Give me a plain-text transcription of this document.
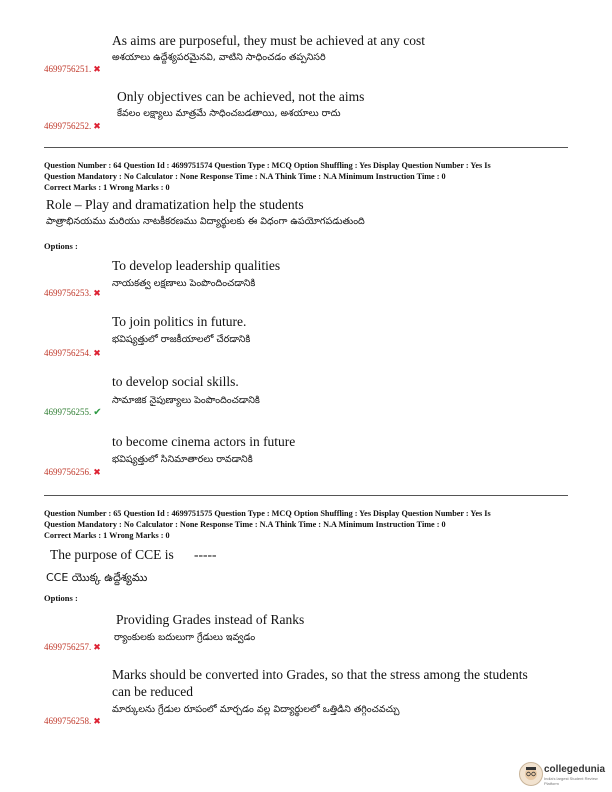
As aims are purposeful, they must be achieved at any cost
అశయాలు ఉద్దేశ్యపరమైనవి, వాటిని సాధించడం తప్పనిసరి
4699756251. ✖
Only objectives can be achieved, not the aims
కేవలం లక్ష్యాలు మాత్రమే సాధించబడతాయి, అశయాలు రాదు
4699756252. ✖
Question Number : 64 Question Id : 4699751574 Question Type : MCQ Option Shuffling : Yes Display Question Number : Yes Is
Question Mandatory : No Calculator : None Response Time : N.A Think Time : N.A Minimum Instruction Time : 0
Correct Marks : 1 Wrong Marks : 0
Role – Play and dramatization help the students
పాత్రాభినయము మరియు నాటకీకరణము విద్యార్థులకు ఈ విధంగా ఉపయోగపడుతుంది
Options :
To develop leadership qualities
నాయకత్వ లక్షణాలు పెంపొందించడానికి
4699756253. ✖
To join politics in future.
భవిష్యత్తులో రాజకీయాలలో చేరడానికి
4699756254. ✖
to develop social skills.
సామాజిక నైపుణ్యాలు పెంపొందించడానికి
4699756255. ✔
to become cinema actors in future
భవిష్యత్తులో సినిమాతారలు రావడానికి
4699756256. ✖
Question Number : 65 Question Id : 4699751575 Question Type : MCQ Option Shuffling : Yes Display Question Number : Yes Is
Question Mandatory : No Calculator : None Response Time : N.A Think Time : N.A Minimum Instruction Time : 0
Correct Marks : 1 Wrong Marks : 0
The purpose of CCE is      -----
CCE యొక్క ఉద్దేశ్యము
Options :
Providing Grades instead of Ranks
ర్యాంకులకు బదులుగా గ్రేడులు ఇవ్వడం
4699756257. ✖
Marks should be converted into Grades, so that the stress among the students
can be reduced
మార్కులను గ్రేడుల రూపంలో మార్చడం వల్ల విద్యార్థులలో ఒత్తిడిని తగ్గించవచ్చు
4699756258. ✖
collegedunia
India's largest Student Review Platform
